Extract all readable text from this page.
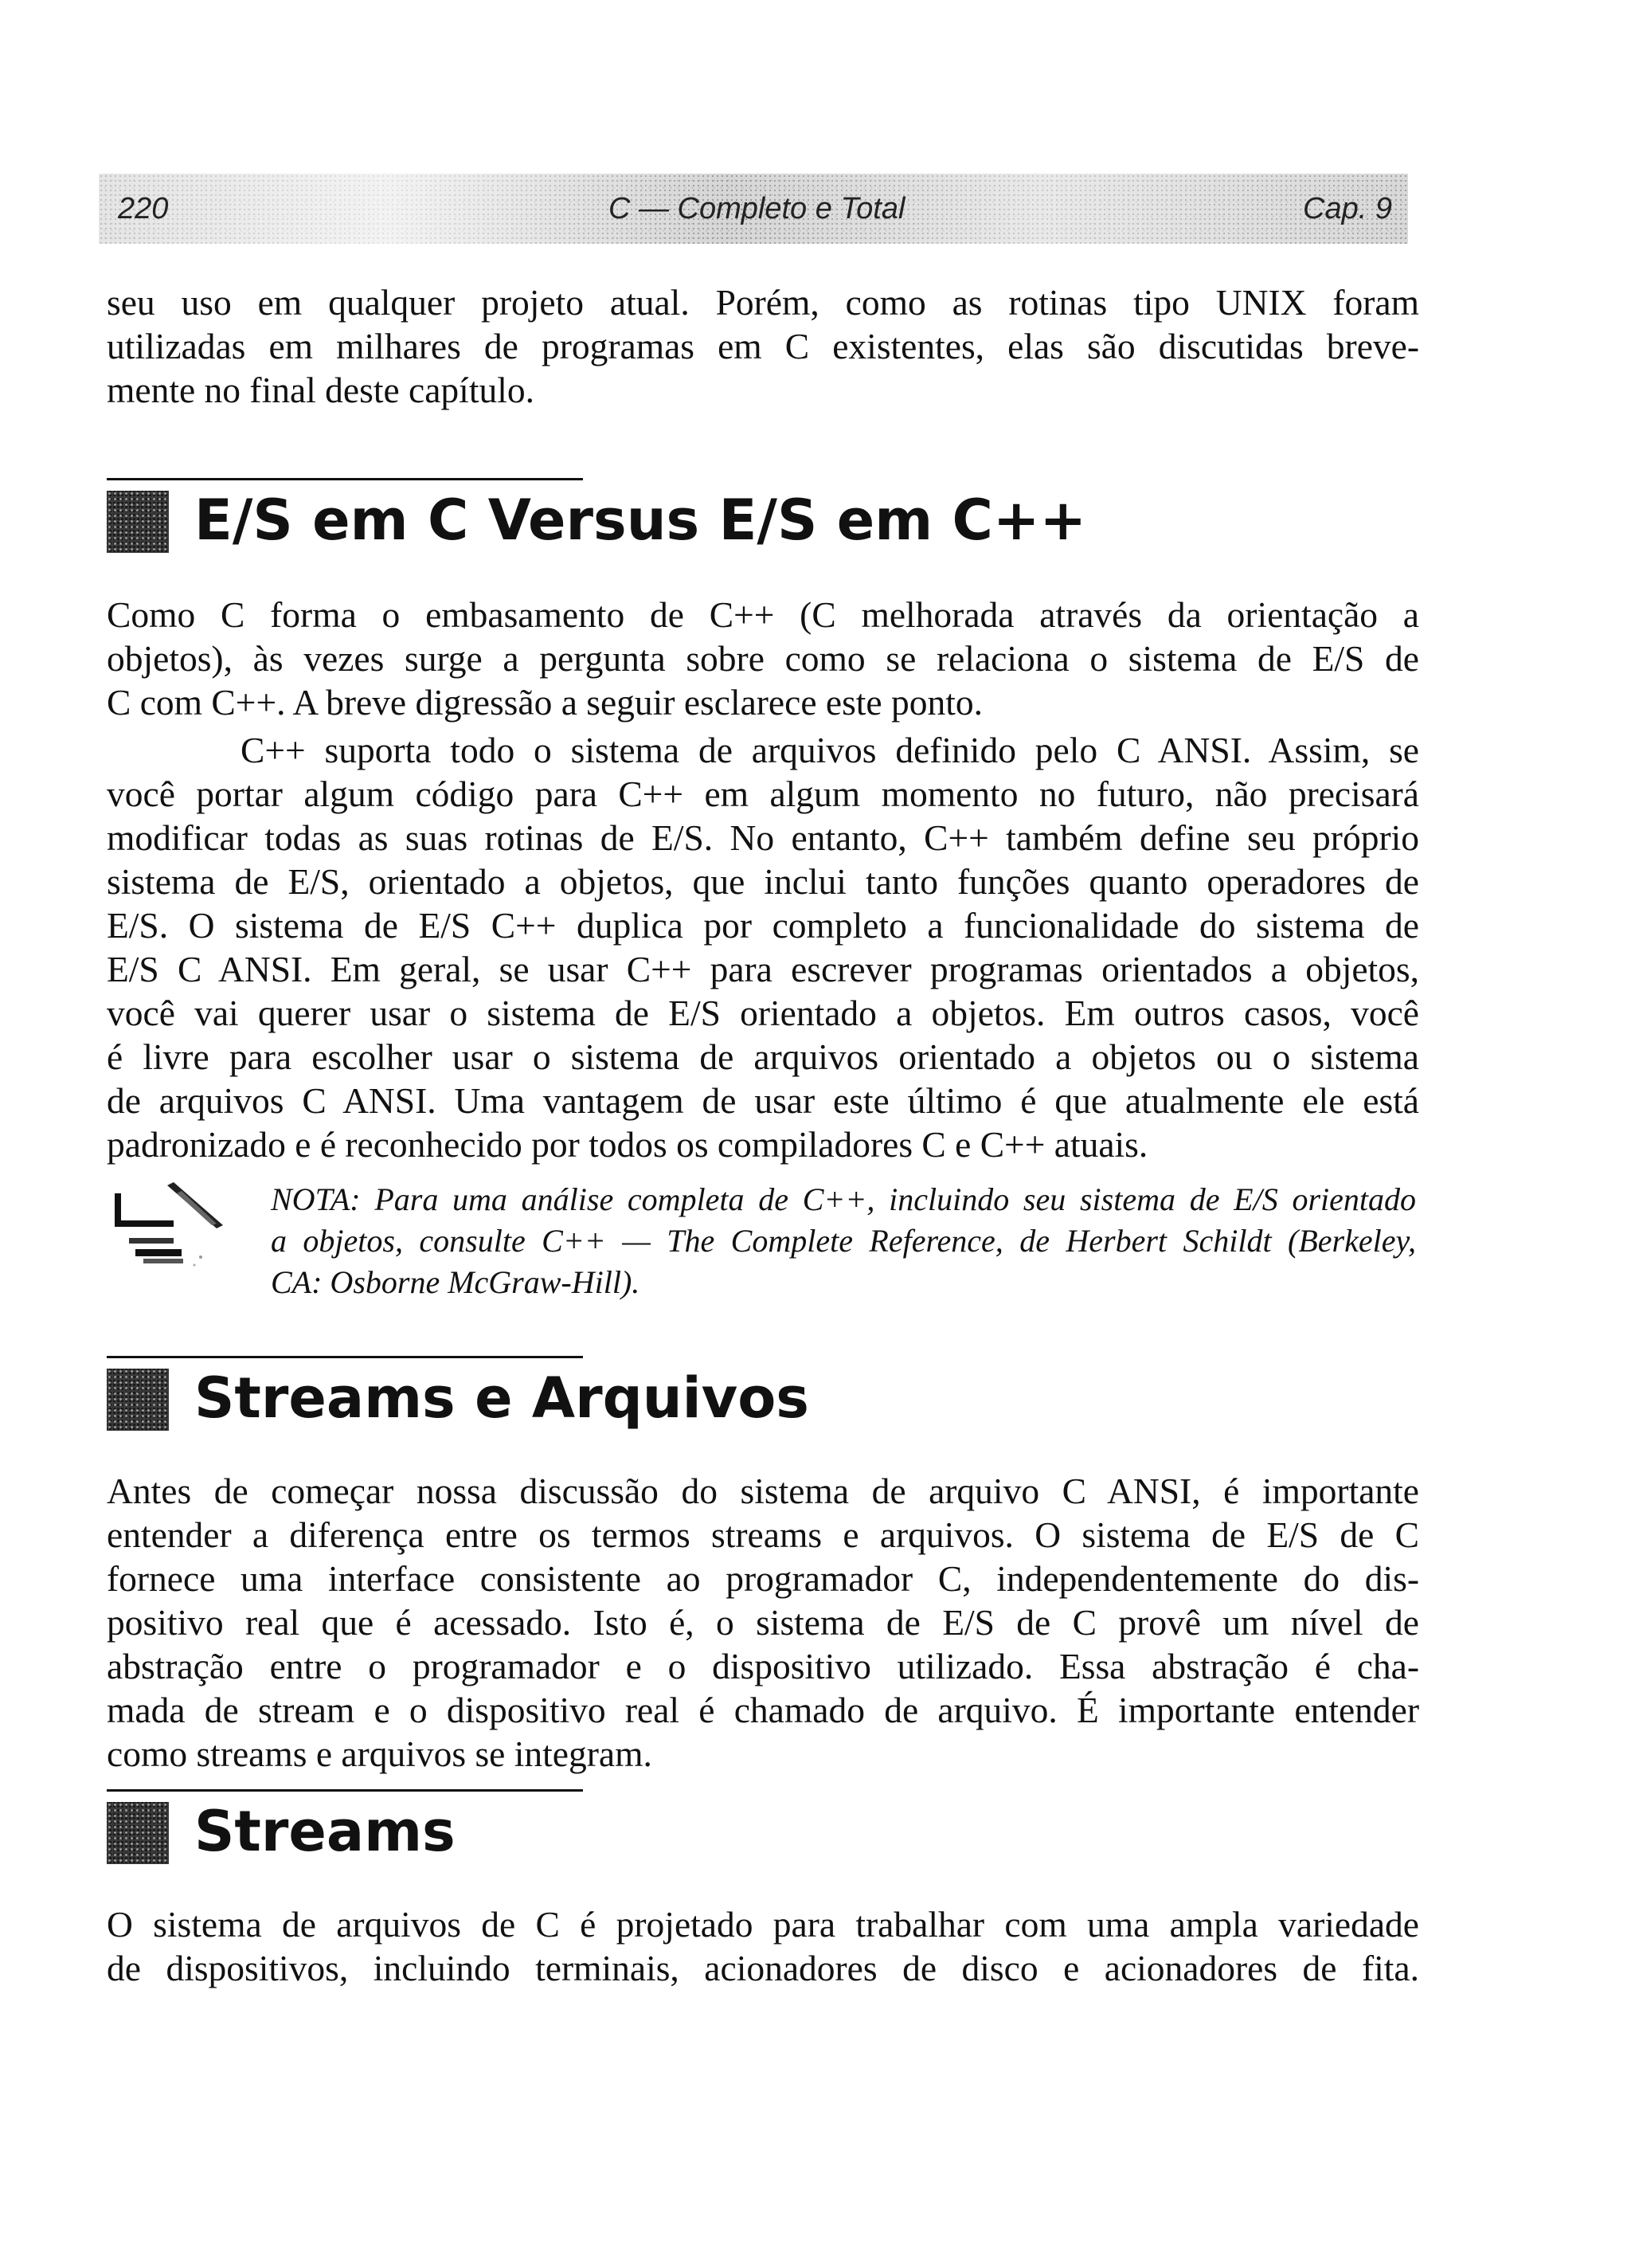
220	C — Completo e Total	Cap. 9

seu uso em qualquer projeto atual. Porém, como as rotinas tipo UNIX foram
utilizadas em milhares de programas em C existentes, elas são discutidas breve-
mente no final deste capítulo.

E/S em C Versus E/S em C++

Como C forma o embasamento de C++ (C melhorada através da orientação a
objetos), às vezes surge a pergunta sobre como se relaciona o sistema de E/S de
C com C++. A breve digressão a seguir esclarece este ponto.

C++ suporta todo o sistema de arquivos definido pelo C ANSI. Assim, se
você portar algum código para C++ em algum momento no futuro, não precisará
modificar todas as suas rotinas de E/S. No entanto, C++ também define seu próprio
sistema de E/S, orientado a objetos, que inclui tanto funções quanto operadores de
E/S. O sistema de E/S C++ duplica por completo a funcionalidade do sistema de
E/S C ANSI. Em geral, se usar C++ para escrever programas orientados a objetos,
você vai querer usar o sistema de E/S orientado a objetos. Em outros casos, você
é livre para escolher usar o sistema de arquivos orientado a objetos ou o sistema
de arquivos C ANSI. Uma vantagem de usar este último é que atualmente ele está
padronizado e é reconhecido por todos os compiladores C e C++ atuais.

NOTA: Para uma análise completa de C++, incluindo seu sistema de E/S orientado
a objetos, consulte C++ — The Complete Reference, de Herbert Schildt (Berkeley,
CA: Osborne McGraw-Hill).

Streams e Arquivos

Antes de começar nossa discussão do sistema de arquivo C ANSI, é importante
entender a diferença entre os termos streams e arquivos. O sistema de E/S de C
fornece uma interface consistente ao programador C, independentemente do dis-
positivo real que é acessado. Isto é, o sistema de E/S de C provê um nível de
abstração entre o programador e o dispositivo utilizado. Essa abstração é cha-
mada de stream e o dispositivo real é chamado de arquivo. É importante entender
como streams e arquivos se integram.

Streams

O sistema de arquivos de C é projetado para trabalhar com uma ampla variedade
de dispositivos, incluindo terminais, acionadores de disco e acionadores de fita.
